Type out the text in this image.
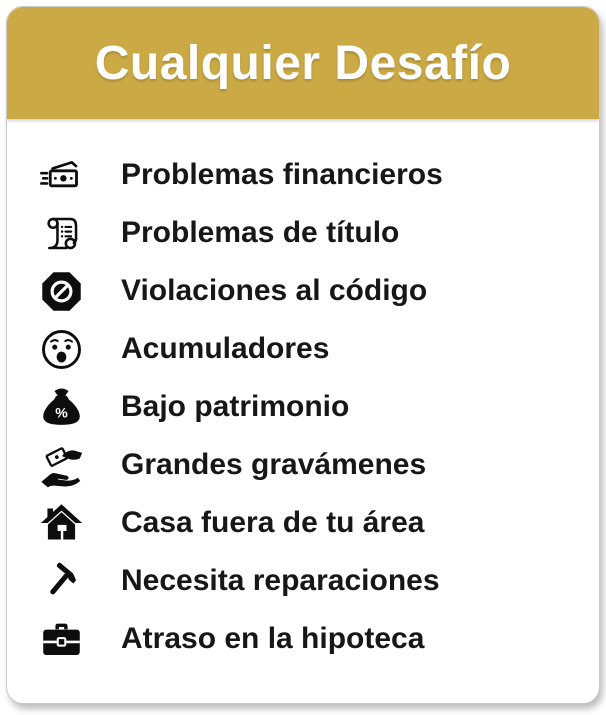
Cualquier Desafío
Problemas financieros
Problemas de título
Violaciones al código
Acumuladores
% Bajo patrimonio
Grandes gravámenes
Casa fuera de tu área
Necesita reparaciones
Atraso en la hipoteca
